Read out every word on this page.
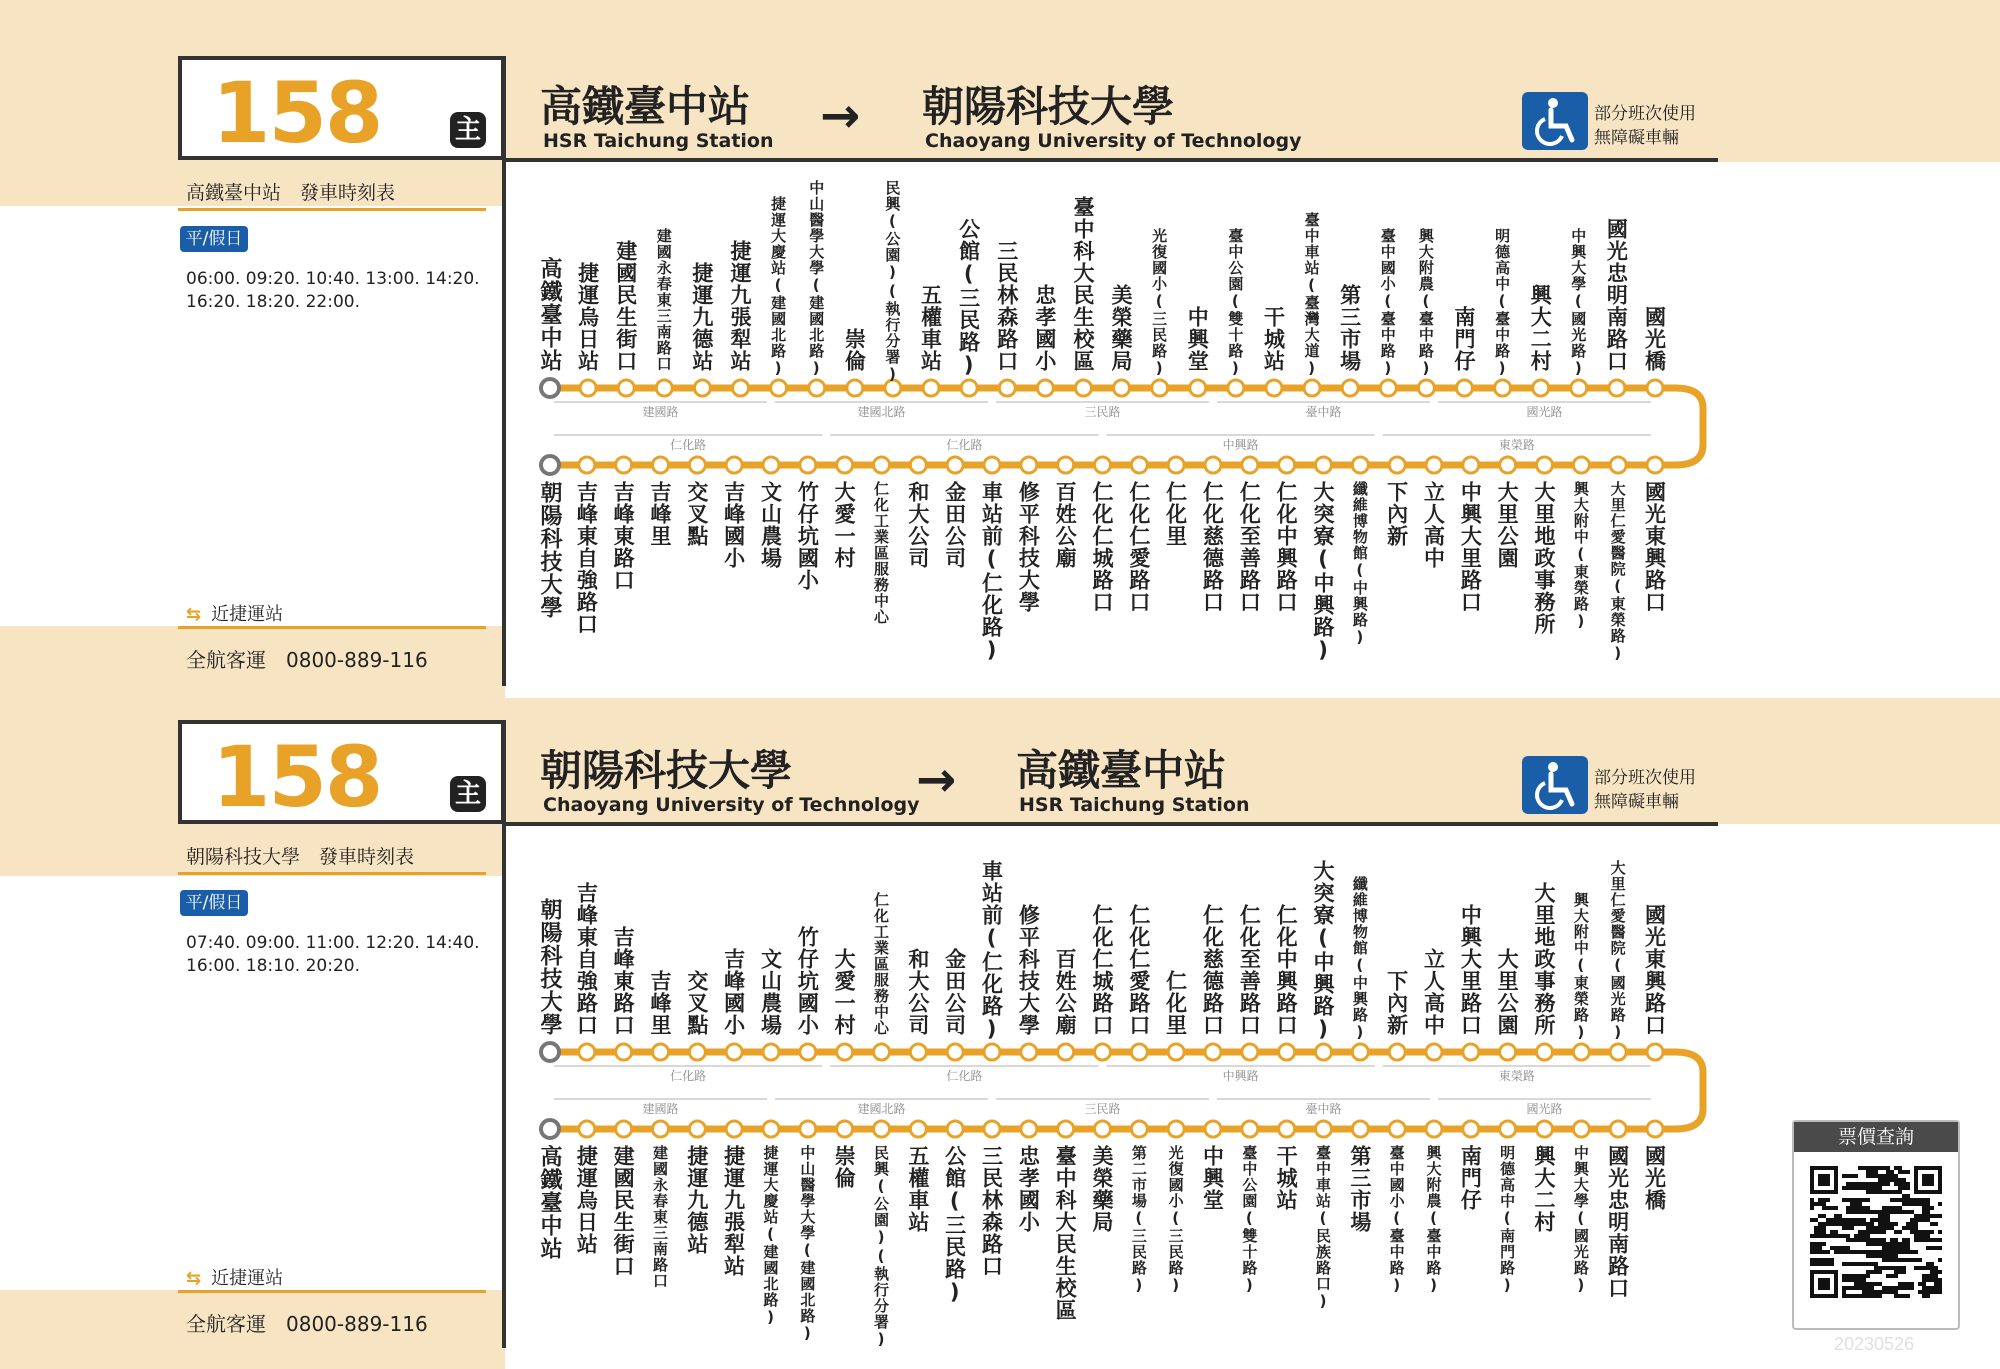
158	主 高鐵臺中站
HSR Taichung Station → 朝陽科技大學
Chaoyang University of Technology
部分班次使用
無障礙車輛
高鐵臺中站　發車時刻表
平/假日
06:00. 09:20. 10:40. 13:00. 14:20.
16:20. 18:20. 22:00.
⇆ 近捷運站
全航客運　0800-889-116
建國路	建國北路	三民路	臺中路	國光路
仁化路	仁化路	中興路	東榮路
高鐵臺中站 捷運烏日站 建國民生街口 建國永春東三南路口 捷運九德站 捷運九張犁站 捷運大慶站(建國北路) 中山醫學大學(建國北路) 崇倫 民興(公園)(執行分署) 五權車站 公館(三民路) 三民林森路口 忠孝國小 臺中科大民生校區 美榮藥局 光復國小(三民路) 中興堂 臺中公園(雙十路) 干城站 臺中車站(臺灣大道) 第三市場 臺中國小(臺中路) 興大附農(臺中路) 南門仔 明德高中(臺中路) 興大二村 中興大學(國光路) 國光忠明南路口 國光橋
朝陽科技大學 吉峰東自強路口 吉峰東路口 吉峰里 交叉點 吉峰國小 文山農場 竹仔坑國小 大愛一村 仁化工業區服務中心 和大公司 金田公司 車站前(仁化路) 修平科技大學 百姓公廟 仁化仁城路口 仁化仁愛路口 仁化里 仁化慈德路口 仁化至善路口 仁化中興路口 大突寮(中興路) 纖維博物館(中興路) 下內新 立人高中 中興大里路口 大里公園 大里地政事務所 興大附中(東榮路) 大里仁愛醫院(東榮路) 國光東興路口
158	主 朝陽科技大學
Chaoyang University of Technology
→ 高鐵臺中站
HSR Taichung Station
部分班次使用
無障礙車輛
朝陽科技大學　發車時刻表
平/假日
07:40. 09:00. 11:00. 12:20. 14:40.
16:00. 18:10. 20:20.
⇆ 近捷運站
全航客運　0800-889-116
仁化路	仁化路	中興路	東榮路
建國路	建國北路	三民路	臺中路	國光路
朝陽科技大學 吉峰東自強路口 吉峰東路口 吉峰里 交叉點 吉峰國小 文山農場 竹仔坑國小 大愛一村 仁化工業區服務中心 和大公司 金田公司 車站前(仁化路) 修平科技大學 百姓公廟 仁化仁城路口 仁化仁愛路口 仁化里 仁化慈德路口 仁化至善路口 仁化中興路口 大突寮(中興路) 纖維博物館(中興路) 下內新 立人高中 中興大里路口 大里公園 大里地政事務所 興大附中(東榮路) 大里仁愛醫院(國光路) 國光東興路口
高鐵臺中站 捷運烏日站 建國民生街口 建國永春東三南路口 捷運九德站 捷運九張犁站 捷運大慶站(建國北路) 中山醫學大學(建國北路) 崇倫 民興(公園)(執行分署) 五權車站 公館(三民路) 三民林森路口 忠孝國小 臺中科大民生校區 美榮藥局 第二市場(三民路) 光復國小(三民路) 中興堂 臺中公園(雙十路) 干城站 臺中車站(民族路口) 第三市場 臺中國小(臺中路) 興大附農(臺中路) 南門仔 明德高中(南門路) 興大二村 中興大學(國光路) 國光忠明南路口 國光橋
票價查詢
20230526
